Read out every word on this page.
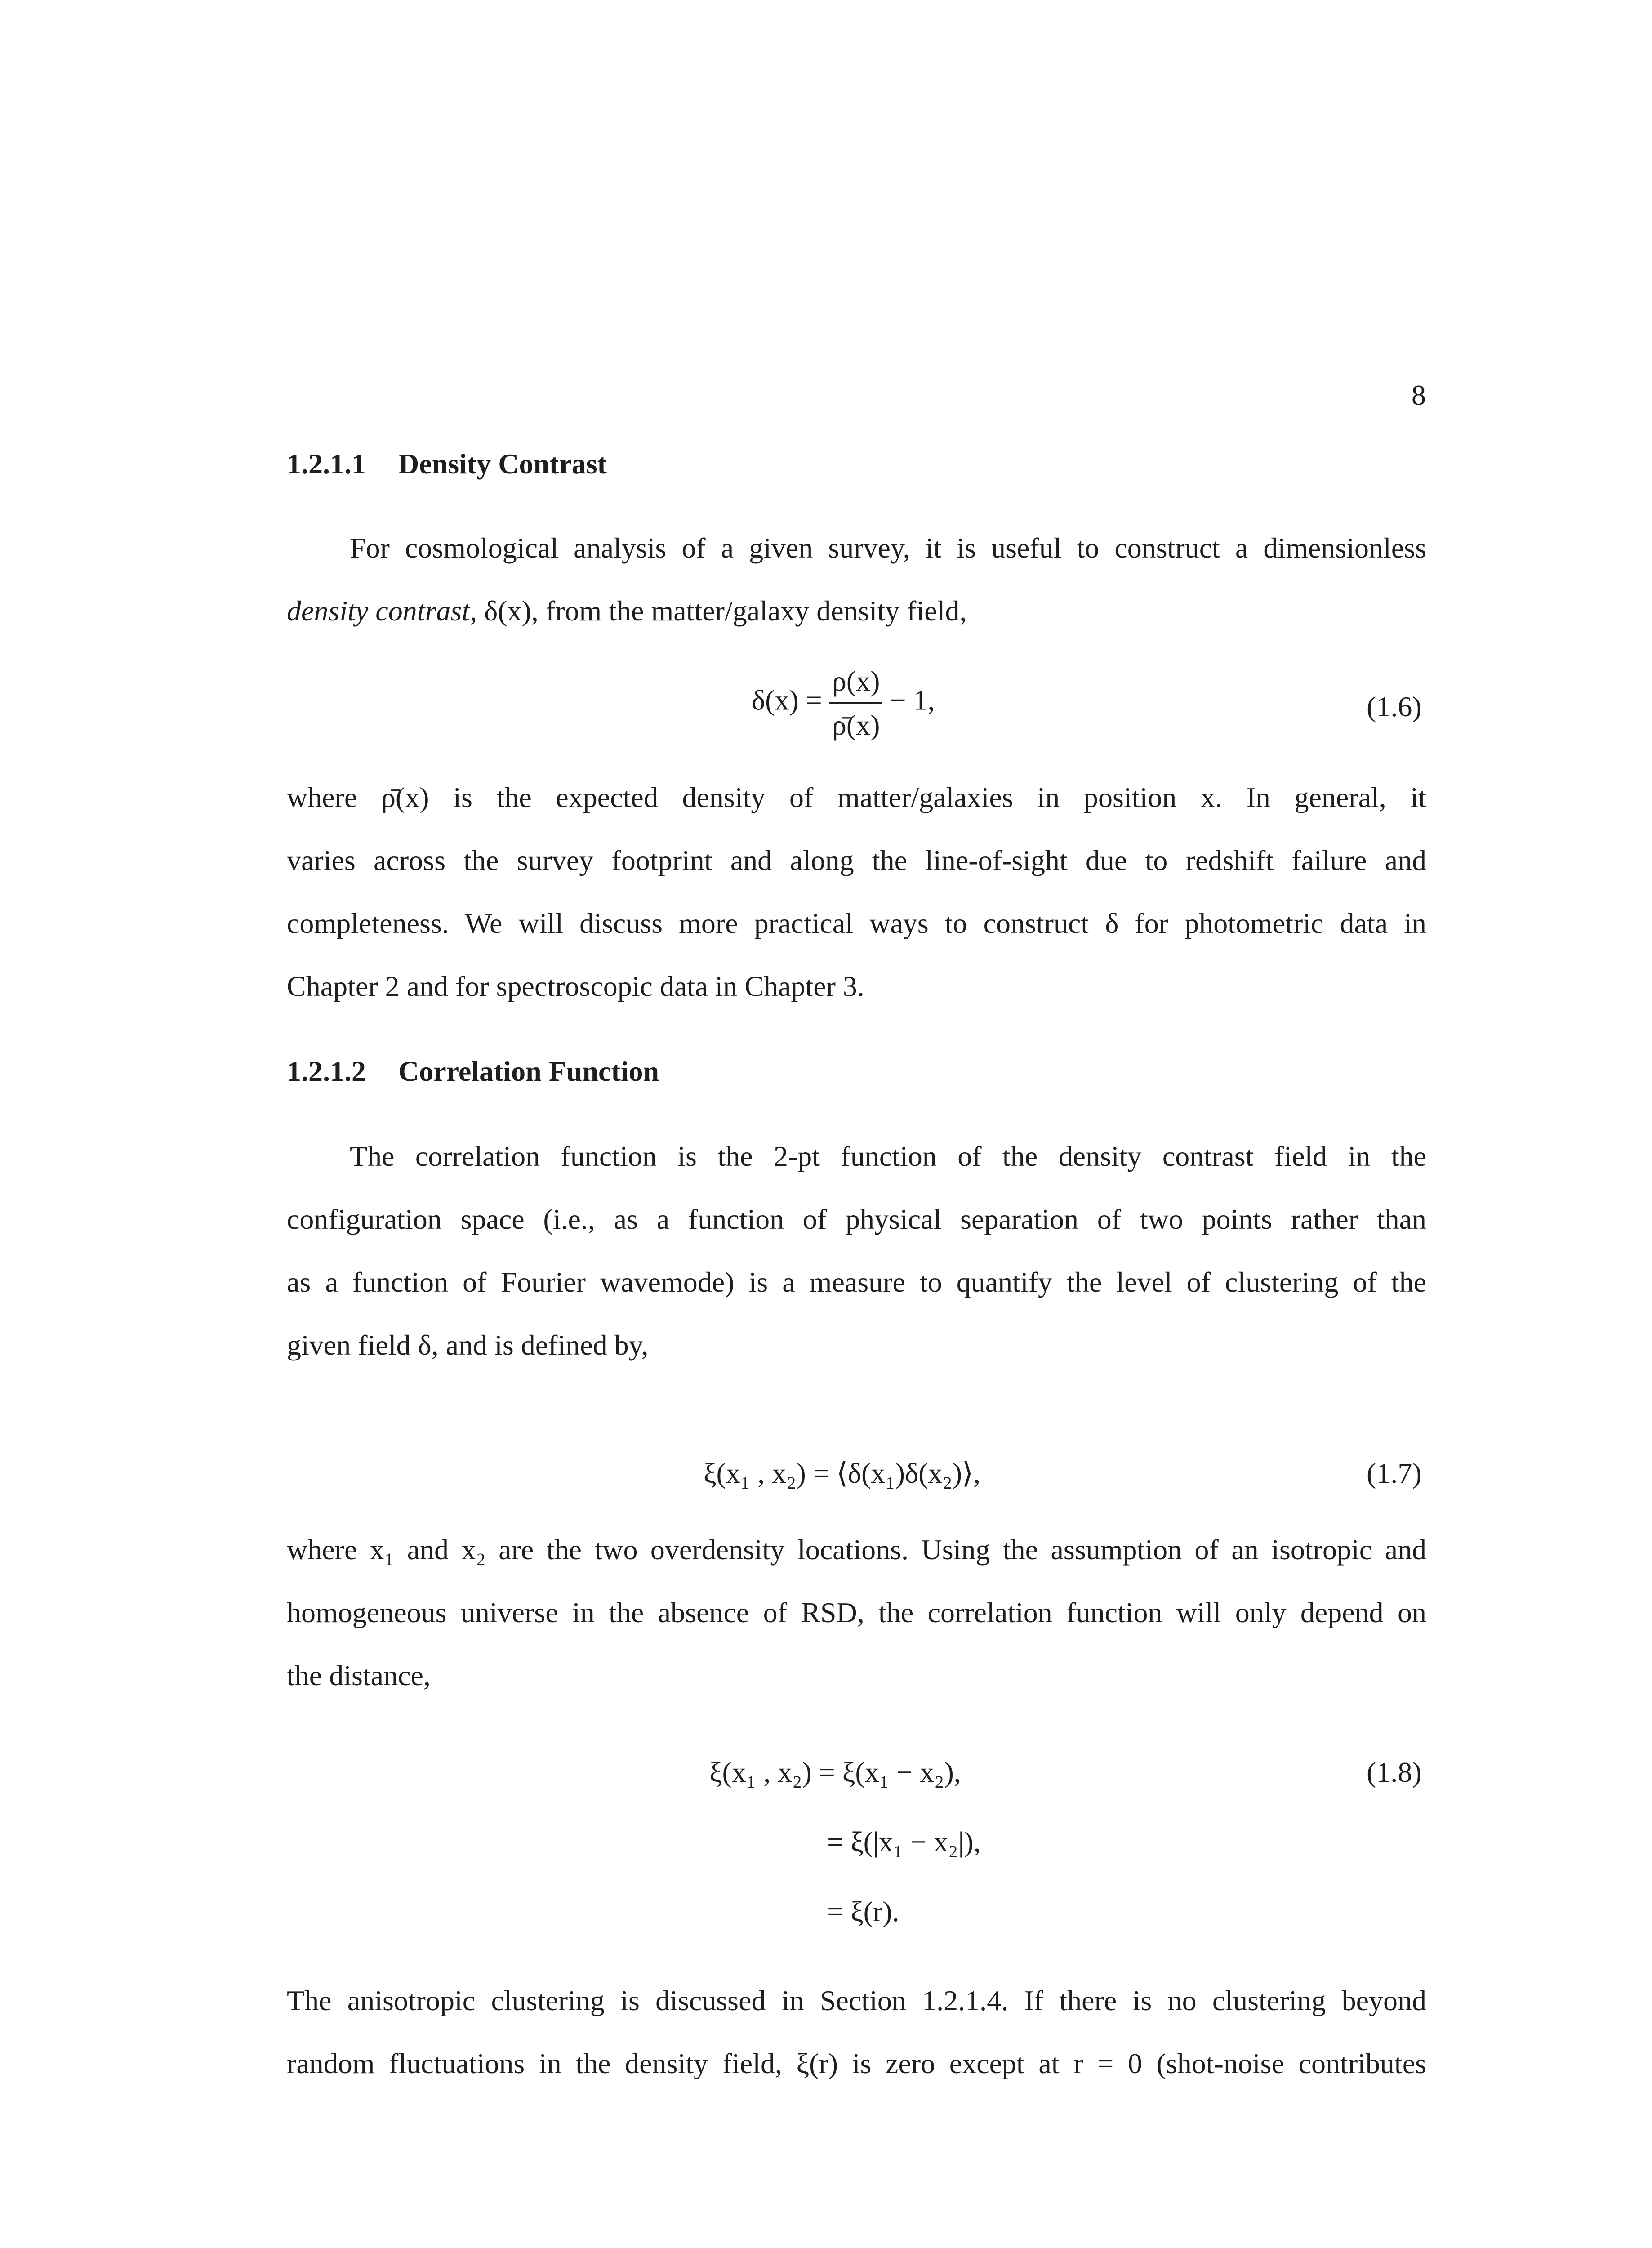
8
1.2.1.1 Density Contrast
For cosmological analysis of a given survey, it is useful to construct a dimensionless
density contrast, δ(x), from the matter/galaxy density field,
$\delta(x) = \frac{\rho(x)}{\rhō(x)} - 1$,	(1.6)
where ρ̄(x) is the expected density of matter/galaxies in position x. In general, it
varies across the survey footprint and along the line-of-sight due to redshift failure and
completeness. We will discuss more practical ways to construct δ for photometric data in
Chapter 2 and for spectroscopic data in Chapter 3.
1.2.1.2 Correlation Function
The correlation function is the 2-pt function of the density contrast field in the
configuration space (i.e., as a function of physical separation of two points rather than
as a function of Fourier wavemode) is a measure to quantify the level of clustering of the
given field δ, and is defined by,
ξ(x₁ , x₂) = ⟨δ(x₁)δ(x₂)⟩,	(1.7)
where x₁ and x₂ are the two overdensity locations. Using the assumption of an isotropic and
homogeneous universe in the absence of RSD, the correlation function will only depend on
the distance,
ξ(x₁ , x₂) = ξ(x₁ − x₂),	(1.8)
= ξ(|x₁ − x₂|),
= ξ(r).
The anisotropic clustering is discussed in Section 1.2.1.4. If there is no clustering beyond
random fluctuations in the density field, ξ(r) is zero except at r = 0 (shot-noise contributes
